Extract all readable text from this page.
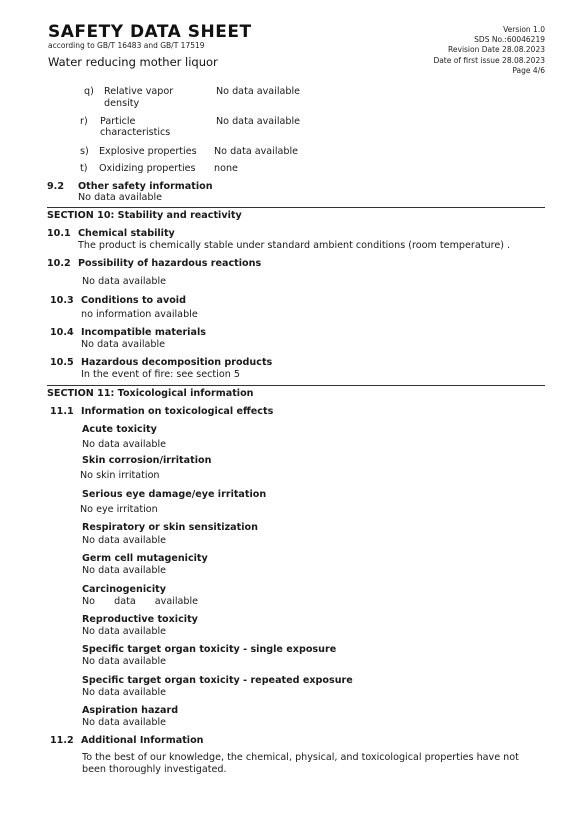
SAFETY DATA SHEET
according to GB/T 16483 and GB/T 17519
Water reducing mother liquor
Version 1.0
SDS No.:60046219
Revision Date 28.08.2023
Date of first issue 28.08.2023
Page 4/6
q) Relative vapor
density
No data available
r) Particle
characteristics
No data available
s) Explosive properties No data available
t) Oxidizing properties none
9.2 Other safety information
No data available
SECTION 10: Stability and reactivity
10.1 Chemical stability
The product is chemically stable under standard ambient conditions (room temperature) .
10.2 Possibility of hazardous reactions
No data available
10.3 Conditions to avoid
no information available
10.4 Incompatible materials
No data available
10.5 Hazardous decomposition products
In the event of fire: see section 5
SECTION 11: Toxicological information
11.1 Information on toxicological effects
Acute toxicity
No data available
Skin corrosion/irritation
No skin irritation
Serious eye damage/eye irritation
No eye irritation
Respiratory or skin sensitization
No data available
Germ cell mutagenicity
No data available
Carcinogenicity
No data available
Reproductive toxicity
No data available
Specific target organ toxicity - single exposure
No data available
Specific target organ toxicity - repeated exposure
No data available
Aspiration hazard
No data available
11.2 Additional Information
To the best of our knowledge, the chemical, physical, and toxicological properties have not
been thoroughly investigated.
